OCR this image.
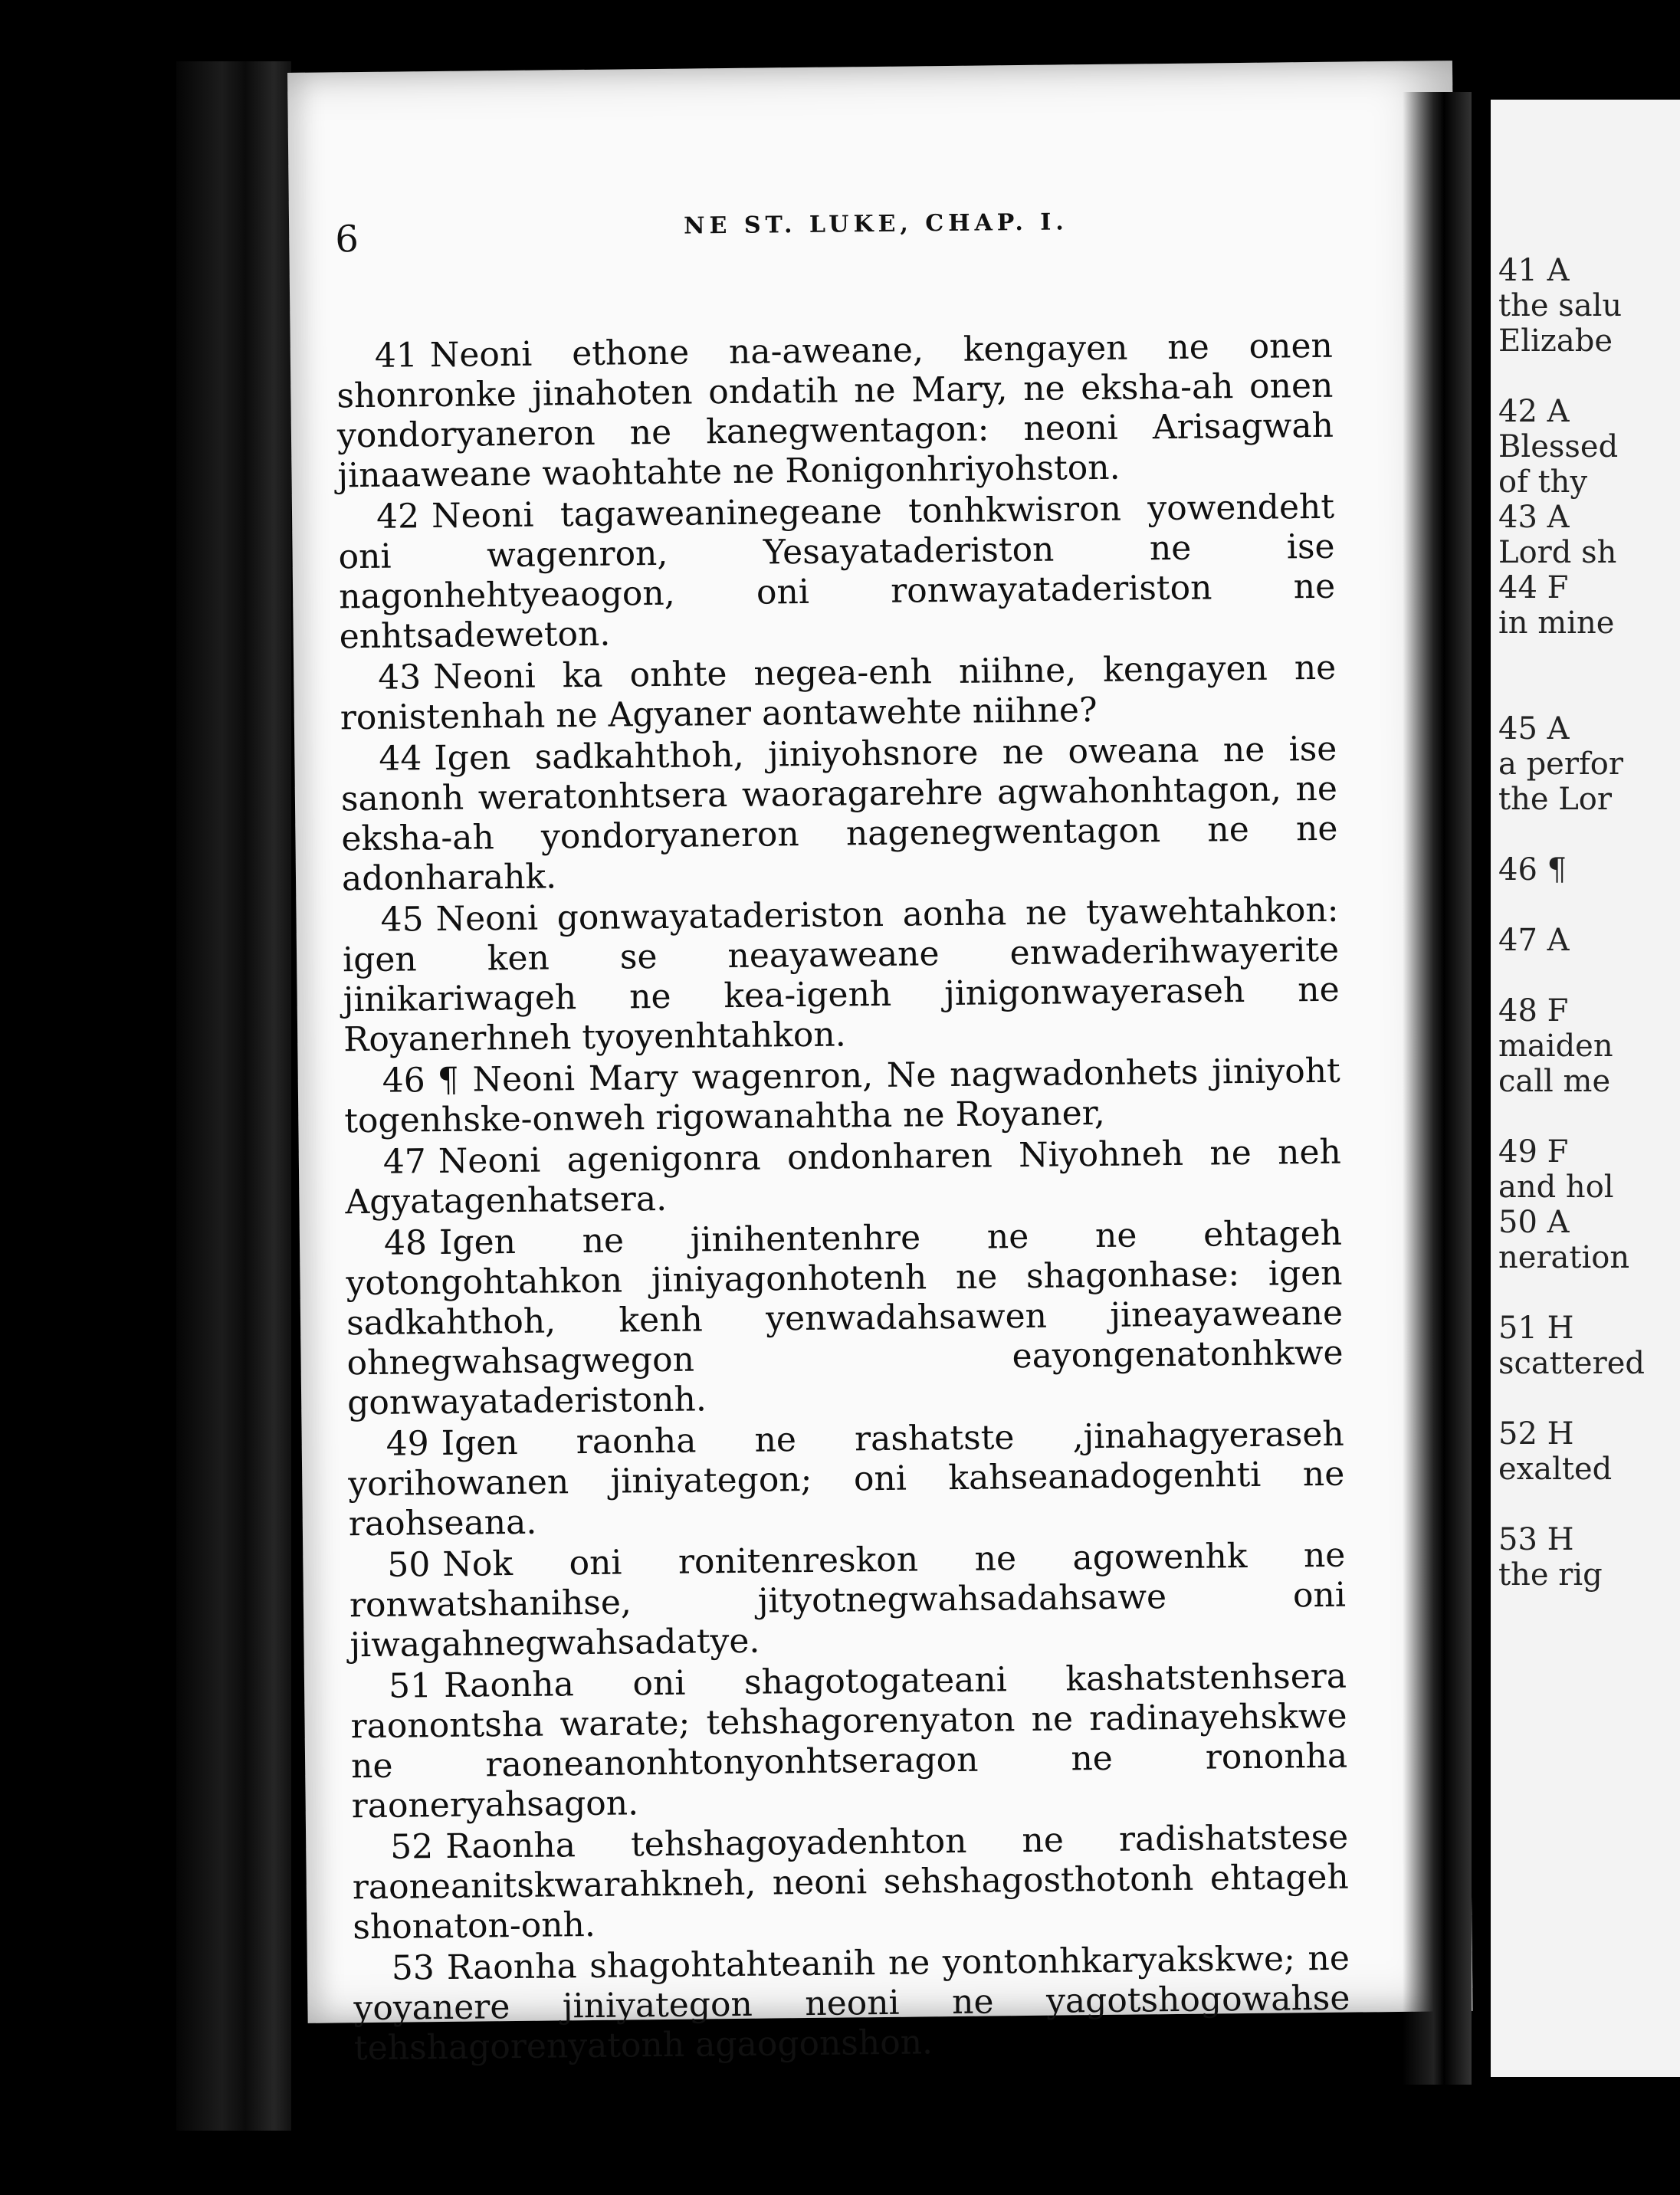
6	NE ST. LUKE, CHAP. I.

41 Neoni ethone na-aweane, kengayen ne onen shonronke jinahoten ondatih ne Mary, ne eksha-ah onen yondoryaneron ne kanegwentagon: neoni Arisagwah jinaaweane waohtahte ne Ronigonhriyohston.

42 Neoni tagaweaninegeane tonhkwisron yowendeht oni wagenron, Yesayataderiston ne ise nagonhehtyeaogon, oni ronwayataderiston ne enhtsadeweton.

43 Neoni ka onhte negea-enh niihne, kengayen ne ronistenhah ne Agyaner aontawehte niihne?

44 Igen sadkahthoh, jiniyohsnore ne oweana ne ise sanonh weratonhtsera waoragarehre agwahonhtagon, ne eksha-ah yondoryaneron nagenegwentagon ne ne adonharahk.

45 Neoni gonwayataderiston aonha ne tyawehtahkon: igen ken se neayaweane enwaderihwayerite jinikariwageh ne kea-igenh jinigonwayeraseh ne Royanerhneh tyoyenhtahkon.

46 ¶ Neoni Mary wagenron, Ne nagwadonhets jiniyoht togenhske-onweh rigowanahtha ne Royaner,

47 Neoni agenigonra ondonharen Niyohneh ne neh Agyatagenhatsera.

48 Igen ne jinihentenhre ne ne ehtageh yotongohtahkon jiniyagonhotenh ne shagonhase: igen sadkahthoh, kenh yenwadahsawen jineayaweane ohnegwahsagwegon eayongenatonhkwe gonwayataderistonh.

49 Igen raonha ne rashatste ,jinahagyeraseh yorihowanen jiniyategon; oni kahseanadogenhti ne raohseana.

50 Nok oni ronitenreskon ne agowenhk ne ronwatshanihse, jityotnegwahsadahsawe oni jiwagahnegwahsadatye.

51 Raonha oni shagotogateani kashatstenhsera raonontsha warate; tehshagorenyaton ne radinayehskwe ne raoneanonhtonyonhtseragon ne rononha raoneryahsagon.

52 Raonha tehshagoyadenhton ne radishatstese raoneanitskwarahkneh, neoni sehshagosthotonh ehtageh shonaton-onh.

53 Raonha shagohtahteanih ne yontonhkaryakskwe; ne yoyanere jiniyategon neoni ne yagotshogowahse tehshagorenyatonh agaogonshon.

41 A
the salu
Elizabe
42 A
Blessed
of thy
43 A
Lord sh
44 F
in mine
45 A
a perfor
the Lor
46 ¶
47 A
48 F
maiden
call me
49 F
and hol
50 A
neration
51 H
scattered
52 H
exalted
53 H
the rig
